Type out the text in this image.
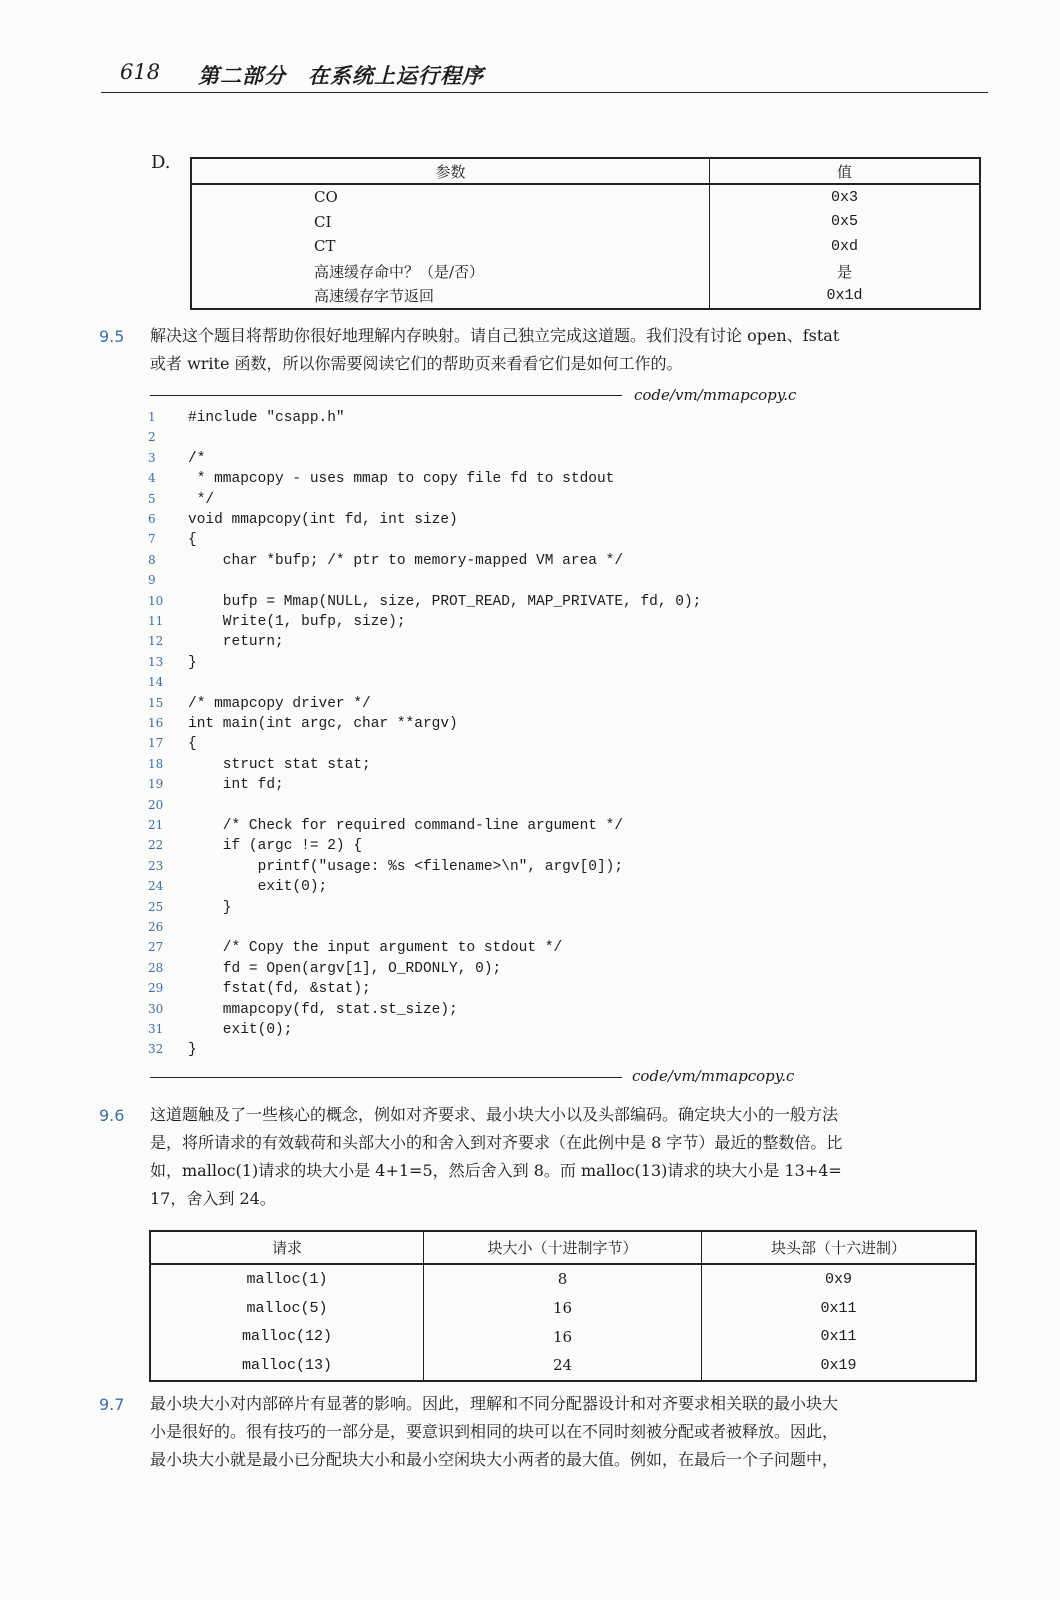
618 第二部分　在系统上运行程序
D.	参数	值
CO	0x3
CI	0x5
CT	0xd
高速缓存命中？（是/否）	是
高速缓存字节返回	0x1d
9.5 解决这个题目将帮助你很好地理解内存映射。请自己独立完成这道题。我们没有讨论 open、fstat
或者 write 函数，所以你需要阅读它们的帮助页来看看它们是如何工作的。
code/vm/mmapcopy.c
1 #include "csapp.h"
2
3 /*
4 * mmapcopy - uses mmap to copy file fd to stdout
5 */
6 void mmapcopy(int fd, int size)
7 {
8    char *bufp; /* ptr to memory-mapped VM area */
9
10    bufp = Mmap(NULL, size, PROT_READ, MAP_PRIVATE, fd, 0);
11    Write(1, bufp, size);
12    return;
13 }
14
15 /* mmapcopy driver */
16 int main(int argc, char **argv)
17 {
18    struct stat stat;
19    int fd;
20
21    /* Check for required command-line argument */
22    if (argc != 2) {
23        printf("usage: %s <filename>\n", argv[0]);
24        exit(0);
25    }
26
27    /* Copy the input argument to stdout */
28    fd = Open(argv[1], O_RDONLY, 0);
29    fstat(fd, &stat);
30    mmapcopy(fd, stat.st_size);
31    exit(0);
32 }
code/vm/mmapcopy.c
9.6 这道题触及了一些核心的概念，例如对齐要求、最小块大小以及头部编码。确定块大小的一般方法
是，将所请求的有效载荷和头部大小的和舍入到对齐要求（在此例中是 8 字节）最近的整数倍。比
如，malloc(1)请求的块大小是 4+1=5，然后舍入到 8。而 malloc(13)请求的块大小是 13+4=
17，舍入到 24。
请求	块大小（十进制字节）	块头部（十六进制）
malloc(1)	8	0x9
malloc(5)	16	0x11
malloc(12)	16	0x11
malloc(13)	24	0x19
9.7 最小块大小对内部碎片有显著的影响。因此，理解和不同分配器设计和对齐要求相关联的最小块大
小是很好的。很有技巧的一部分是，要意识到相同的块可以在不同时刻被分配或者被释放。因此，
最小块大小就是最小已分配块大小和最小空闲块大小两者的最大值。例如，在最后一个子问题中，
